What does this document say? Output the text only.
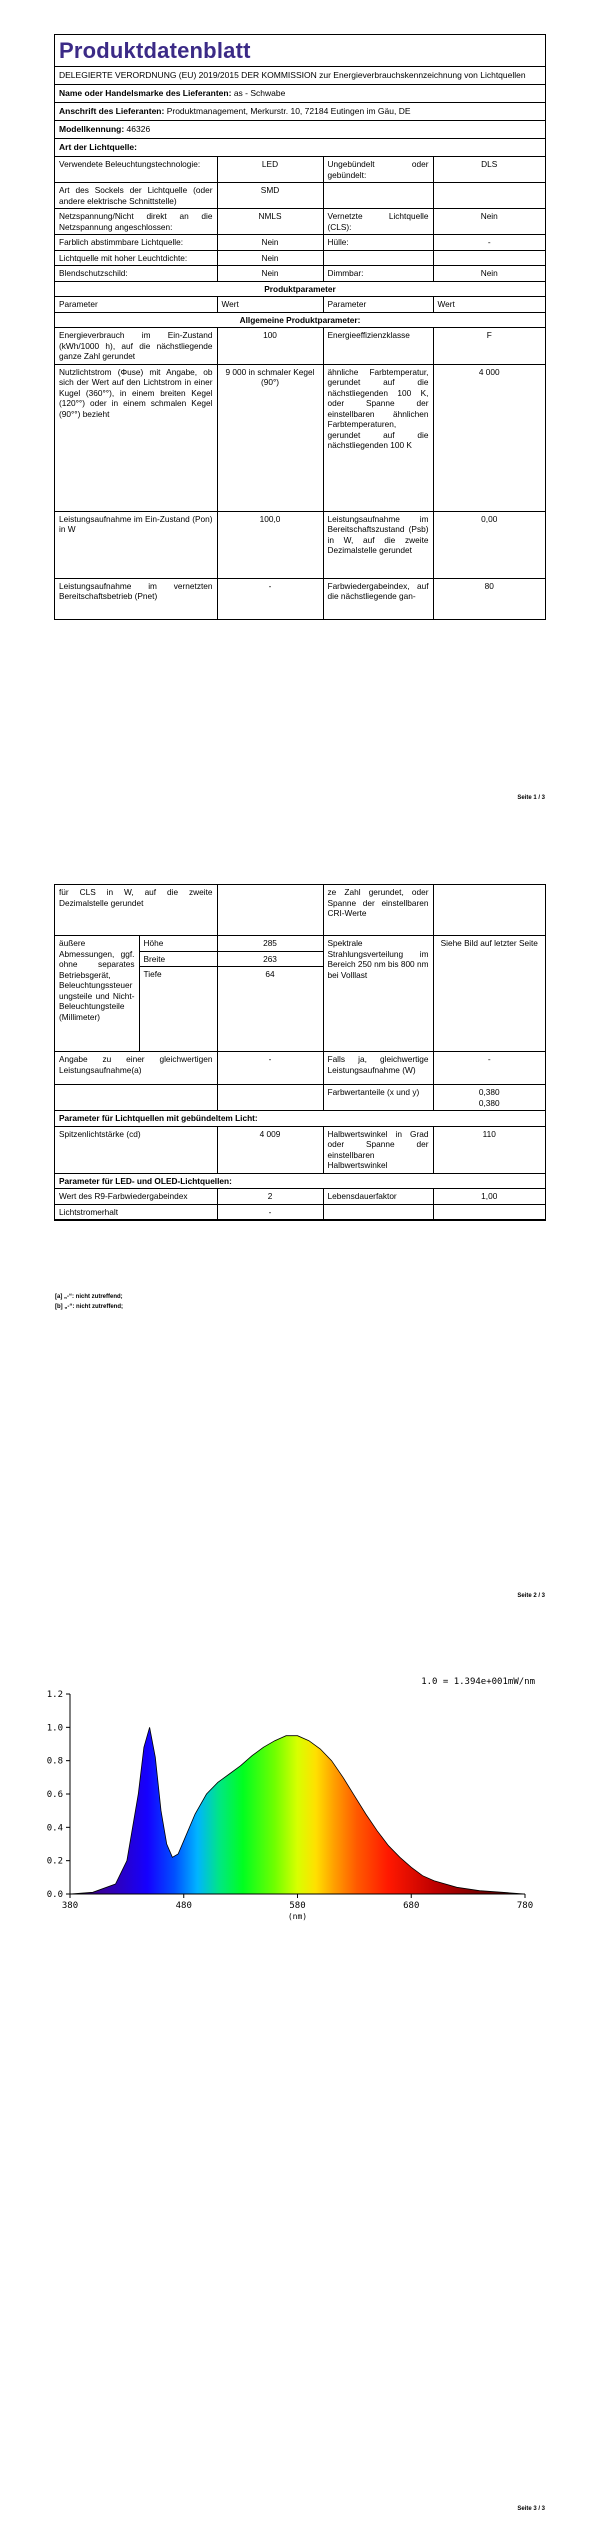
Produktdatenblatt
DELEGIERTE VERORDNUNG (EU) 2019/2015 DER KOMMISSION zur Energieverbrauchskennzeichnung von Lichtquellen
Name oder Handelsmarke des Lieferanten: as - Schwabe
Anschrift des Lieferanten: Produktmanagement, Merkurstr. 10, 72184 Eutingen im Gäu, DE
Modellkennung: 46326
Art der Lichtquelle:
Verwendete Beleuchtungstechnologie:	LED	Ungebündelt oder gebündelt:	DLS
Art des Sockels der Lichtquelle (oder andere elektrische Schnittstelle)	SMD		
Netzspannung/Nicht direkt an die Netzspannung angeschlossen:	NMLS	Vernetzte Lichtquelle (CLS):	Nein
Farblich abstimmbare Lichtquelle:	Nein	Hülle:	-
Lichtquelle mit hoher Leuchtdichte:	Nein		
Blendschutzschild:	Nein	Dimmbar:	Nein
Produktparameter			
Parameter	Wert	Parameter	Wert
Allgemeine Produktparameter:			
Energieverbrauch im Ein-Zustand (kWh/1000 h), auf die nächstliegende ganze Zahl gerundet	100	Energieeffizienzklasse	F
Nutzlichtstrom (Φuse) mit Angabe, ob sich der Wert auf den Lichtstrom in einer Kugel (360°°), in einem breiten Kegel (120°°) oder in einem schmalen Kegel (90°°) bezieht	9 000 in schmaler Kegel (90°)	ähnliche Farbtemperatur, gerundet auf die nächstliegenden 100 K, oder Spanne der einstellbaren ähnlichen Farbtemperaturen, gerundet auf die nächstliegenden 100 K	4 000
Leistungsaufnahme im Ein-Zustand (Pon) in W	100,0	Leistungsaufnahme im Bereitschaftszustand (Psb) in W, auf die zweite Dezimalstelle gerundet	0,00
Leistungsaufnahme im vernetzten Bereitschaftsbetrieb (Pnet)	-	Farbwiedergabeindex, auf die nächstliegende gan-	80
Seite 1 / 3
für CLS in W, auf die zweite Dezimalstelle gerundet			ze Zahl gerundet, oder Spanne der einstellbaren CRI-Werte	
äußere Abmessungen, ggf. ohne separates Betriebsgerät, Beleuchtungssteuerungsteile und Nicht-Beleuchtungsteile (Millimeter)	Höhe	285	Spektrale Strahlungsverteilung im Bereich 250 nm bis 800 nm bei Volllast	Siehe Bild auf letzter Seite
	Breite	263		
	Tiefe	64		
Angabe zu einer gleichwertigen Leistungsaufnahme(a)		-	Falls ja, gleichwertige Leistungsaufnahme (W)	-
			Farbwertanteile (x und y)	0,380
0,380
Parameter für Lichtquellen mit gebündeltem Licht:				
Spitzenlichtstärke (cd)		4 009	Halbwertswinkel in Grad oder Spanne der einstellbaren Halbwertswinkel	110
Parameter für LED- und OLED-Lichtquellen:				
Wert des R9-Farbwiedergabeindex		2	Lebensdauerfaktor	1,00
Lichtstromerhalt		-		
[a] „-“: nicht zutreffend;
[b] „-“: nicht zutreffend;
Seite 2 / 3
0.0
0.2
0.4
0.6
0.8
1.0
1.2
380	480	580	680	780
(nm)
1.0 = 1.394e+001mW/nm
Seite 3 / 3
